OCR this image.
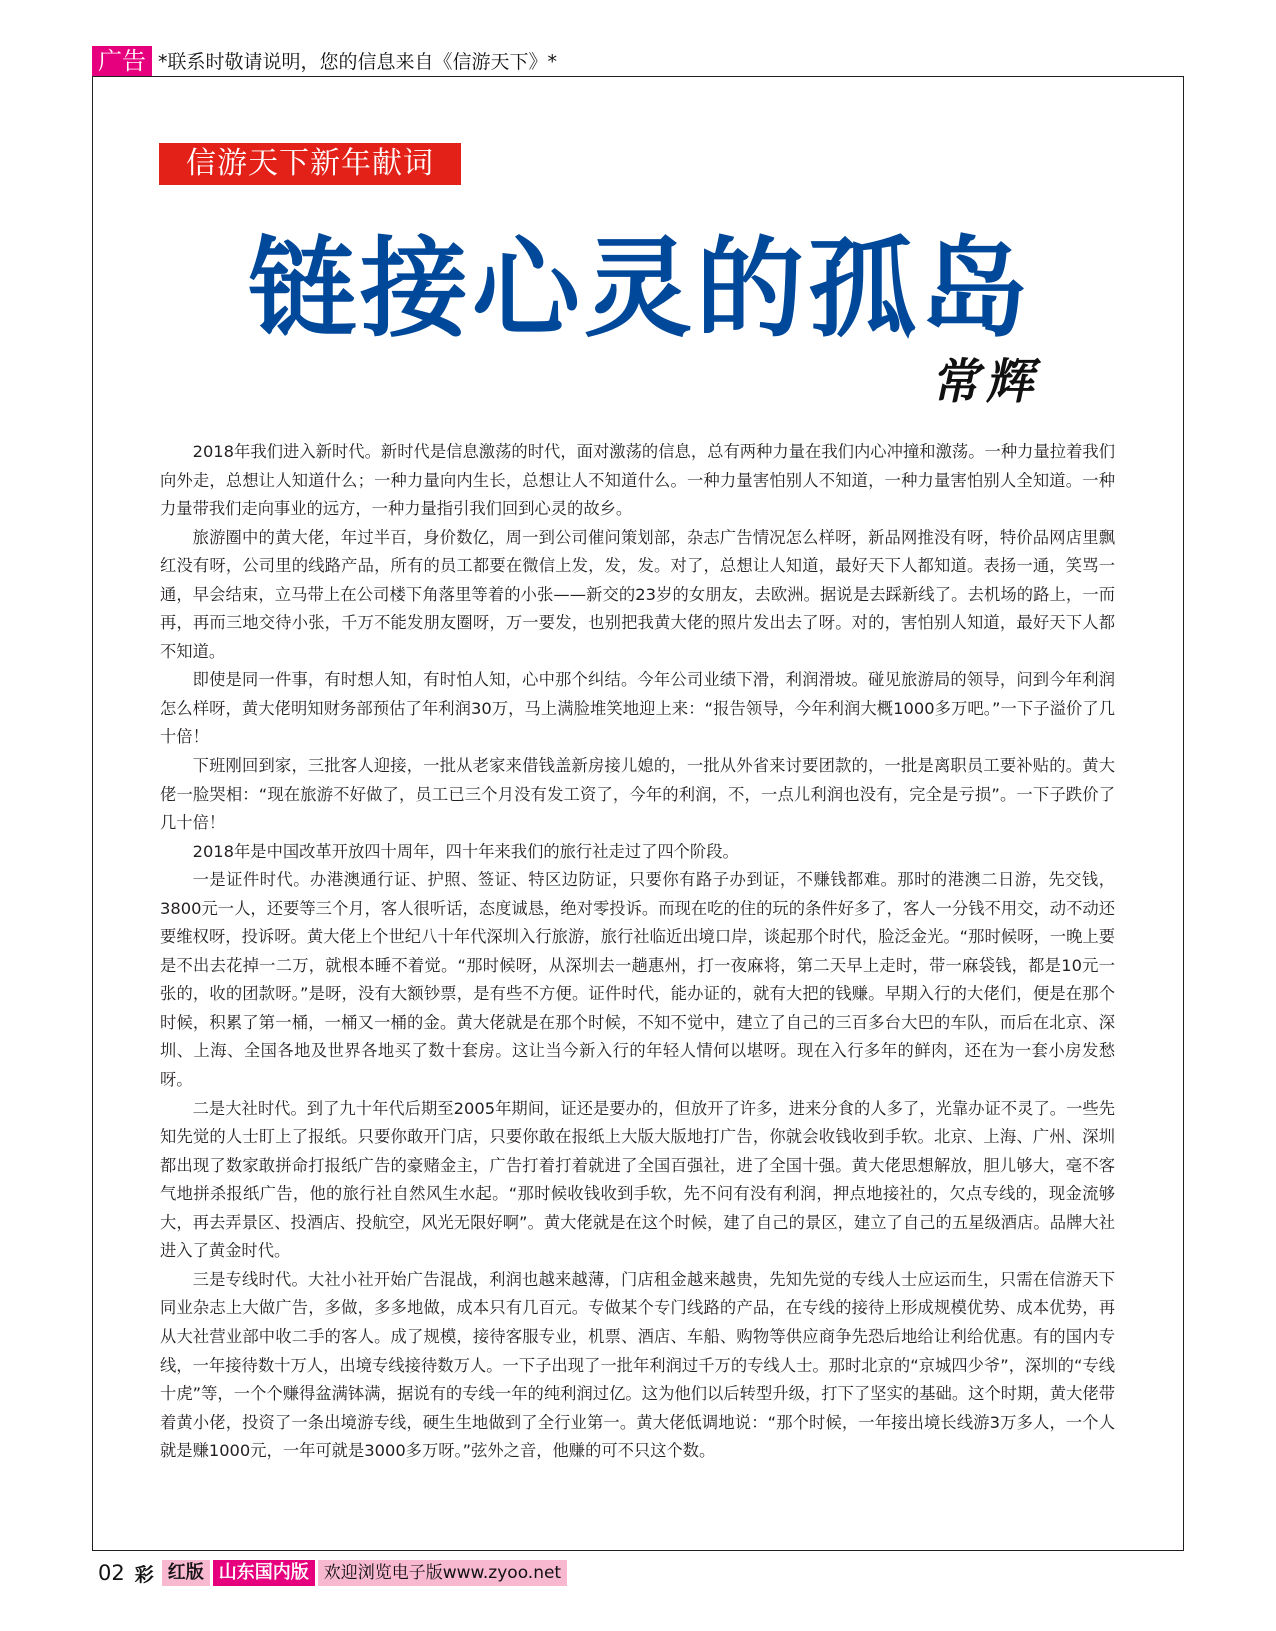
广告 *联系时敬请说明，您的信息来自《信游天下》*
信游天下新年献词
链接心灵的孤岛
常辉

2018年我们进入新时代。新时代是信息激荡的时代，面对激荡的信息，总有两种力量在我们内心冲撞和激荡。一种力量拉着我们向外走，总想让人知道什么；一种力量向内生长，总想让人不知道什么。一种力量害怕别人不知道，一种力量害怕别人全知道。一种力量带我们走向事业的远方，一种力量指引我们回到心灵的故乡。

旅游圈中的黄大佬，年过半百，身价数亿，周一到公司催问策划部，杂志广告情况怎么样呀，新品网推没有呀，特价品网店里飘红没有呀，公司里的线路产品，所有的员工都要在微信上发，发，发。对了，总想让人知道，最好天下人都知道。表扬一通，笑骂一通，早会结束，立马带上在公司楼下角落里等着的小张——新交的23岁的女朋友，去欧洲。据说是去踩新线了。去机场的路上，一而再，再而三地交待小张，千万不能发朋友圈呀，万一要发，也别把我黄大佬的照片发出去了呀。对的，害怕别人知道，最好天下人都不知道。

即使是同一件事，有时想人知，有时怕人知，心中那个纠结。今年公司业绩下滑，利润滑坡。碰见旅游局的领导，问到今年利润怎么样呀，黄大佬明知财务部预估了年利润30万，马上满脸堆笑地迎上来：“报告领导，今年利润大概1000多万吧。”一下子溢价了几十倍！

下班刚回到家，三批客人迎接，一批从老家来借钱盖新房接儿媳的，一批从外省来讨要团款的，一批是离职员工要补贴的。黄大佬一脸哭相：“现在旅游不好做了，员工已三个月没有发工资了，今年的利润，不，一点儿利润也没有，完全是亏损”。一下子跌价了几十倍！

2018年是中国改革开放四十周年，四十年来我们的旅行社走过了四个阶段。

一是证件时代。办港澳通行证、护照、签证、特区边防证，只要你有路子办到证，不赚钱都难。那时的港澳二日游，先交钱，3800元一人，还要等三个月，客人很听话，态度诚恳，绝对零投诉。而现在吃的住的玩的条件好多了，客人一分钱不用交，动不动还要维权呀，投诉呀。黄大佬上个世纪八十年代深圳入行旅游，旅行社临近出境口岸，谈起那个时代，脸泛金光。“那时候呀，一晚上要是不出去花掉一二万，就根本睡不着觉。“那时候呀，从深圳去一趟惠州，打一夜麻将，第二天早上走时，带一麻袋钱，都是10元一张的，收的团款呀。”是呀，没有大额钞票，是有些不方便。证件时代，能办证的，就有大把的钱赚。早期入行的大佬们，便是在那个时候，积累了第一桶，一桶又一桶的金。黄大佬就是在那个时候，不知不觉中，建立了自己的三百多台大巴的车队，而后在北京、深圳、上海、全国各地及世界各地买了数十套房。这让当今新入行的年轻人情何以堪呀。现在入行多年的鲜肉，还在为一套小房发愁呀。

二是大社时代。到了九十年代后期至2005年期间，证还是要办的，但放开了许多，进来分食的人多了，光靠办证不灵了。一些先知先觉的人士盯上了报纸。只要你敢开门店，只要你敢在报纸上大版大版地打广告，你就会收钱收到手软。北京、上海、广州、深圳都出现了数家敢拼命打报纸广告的豪赌金主，广告打着打着就进了全国百强社，进了全国十强。黄大佬思想解放，胆儿够大，毫不客气地拼杀报纸广告，他的旅行社自然风生水起。“那时候收钱收到手软，先不问有没有利润，押点地接社的，欠点专线的，现金流够大，再去弄景区、投酒店、投航空，风光无限好啊”。黄大佬就是在这个时候，建了自己的景区，建立了自己的五星级酒店。品牌大社进入了黄金时代。

三是专线时代。大社小社开始广告混战，利润也越来越薄，门店租金越来越贵，先知先觉的专线人士应运而生，只需在信游天下同业杂志上大做广告，多做，多多地做，成本只有几百元。专做某个专门线路的产品，在专线的接待上形成规模优势、成本优势，再从大社营业部中收二手的客人。成了规模，接待客服专业，机票、酒店、车船、购物等供应商争先恐后地给让利给优惠。有的国内专线，一年接待数十万人，出境专线接待数万人。一下子出现了一批年利润过千万的专线人士。那时北京的“京城四少爷”，深圳的“专线十虎”等，一个个赚得盆满钵满，据说有的专线一年的纯利润过亿。这为他们以后转型升级，打下了坚实的基础。这个时期，黄大佬带着黄小佬，投资了一条出境游专线，硬生生地做到了全行业第一。黄大佬低调地说：“那个时候，一年接出境长线游3万多人，一个人就是赚1000元，一年可就是3000多万呀。”弦外之音，他赚的可不只这个数。

02 彩 红版 山东国内版 欢迎浏览电子版www.zyoo.net
